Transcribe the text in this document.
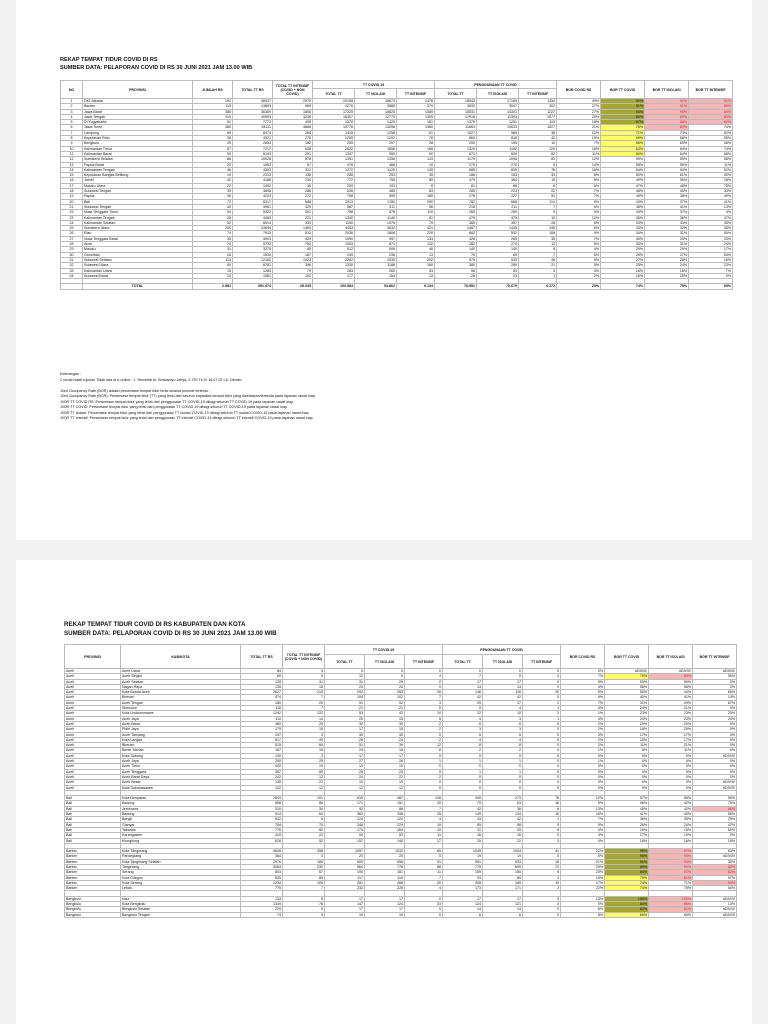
REKAP TEMPAT TIDUR COVID DI RS
SUMBER DATA: PELAPORAN COVID DI RS 30 JUNI 2021 JAM 13.00 WIB
NO	PROVINSI	JUMLAH RS	TOTAL TT RS	TOTAL TT INTENSIF (COVID + NON COVID)	TT COVID-19			PENGGUNAAN TT COVID			BOR COVID RS	BOR TT COVID	BOR TT ISOLASI	BOR TT INTENSIF
					TOTAL TT	TT ISOLASI	TT INTENSIF	TOTAL TT	TT ISOLASI	TT INTENSIF				
1	DKI Jakarta	192	36937	2575	20108	18673	1476	18543	17189	1354	49%	92%	92%	91%
2	Banten	119	13893	969	4278	3885	379	3833	3547	302	27%	91%	91%	85%
3	Jawa Barat	385	36369	1808	17225	15825	1380	15531	14303	1227	27%	90%	90%	89%
4	Jawa Tengah	319	40553	3238	16307	12773	1305	12918	11393	1077	25%	86%	89%	83%
5	DI Yogyakarta	91	7773	409	1579	1420	151	1375	1251	115	18%	87%	88%	82%
6	Jawa Timur	380	54111	4868	10776	13298	1380	11663	10633	1027	21%	75%	80%	74%
7	Lampung	80	8474	268	1415	1258	61	1027	989	38	12%	71%	73%	62%
8	Kepulauan Riau	36	4521	275	1265	1202	76	860	818	42	19%	69%	68%	55%
9	Bengkulu	25	2853	182	255	207	28	200	195	10	7%	66%	69%	36%
10	Kalimantan Timur	57	7217	638	2622	1856	166	1320	1182	120	18%	63%	64%	74%
11	Kalimantan Barat	53	6193	291	1347	950	90	671	609	62	11%	60%	64%	68%
12	Sumatera Selatan	86	10028	578	1391	1258	143	1179	1096	83	12%	59%	59%	58%
13	Papua Barat	20	1953	67	476	468	10	275	270	5	14%	58%	59%	11%
14	Kalimantan Tengah	46	4303	312	1270	1125	145	685	609	76	16%	54%	54%	52%
15	Kepulauan Bangka Belitung	19	2313	138	288	253	35	186	153	33	8%	50%	61%	40%
16	Jambi	42	4168	230	772	758	85	379	364	15	8%	49%	50%	18%
17	Maluku Utara	22	1492	36	209	193	8	81	88	6	6%	47%	46%	75%
18	Sulawesi Tengah	39	3698	288	535	485	83	285	223	22	7%	48%	45%	33%
19	Papua	45	4224	272	758	595	185	278	227	51	7%	45%	38%	49%
20	Bali	72	8317	588	2913	1780	290	782	668	114	9%	43%	37%	41%
21	Sulawesi Tengah	40	3961	329	567	511	56	218	211	7	6%	48%	41%	13%
22	Nusa Tenggara Timur	54	5322	301	788	678	110	265	250	5	5%	34%	37%	4%
23	Kalimantan Tengah	28	4083	221	1340	1140	81	479	470	10	12%	36%	36%	47%
24	Kalimantan Selatan	52	6514	330	1150	1076	79	385	357	28	6%	33%	33%	35%
25	Sumatera Utara	200	24694	1463	4453	4032	421	1487	1445	146	6%	33%	32%	35%
26	Riau	74	7915	512	2036	1806	220	682	552	108	9%	34%	31%	50%
27	Nusa Tenggara Barat	35	4903	329	1090	957	133	326	285	35	7%	30%	30%	33%
28	Aceh	70	5733	753	1053	871	132	282	270	12	5%	30%	31%	24%
29	Maluku	31	3275	85	512	506	46	140	140	8	4%	29%	29%	17%
30	Gorontalo	16	1534	167	249	236	13	76	69	7	5%	28%	27%	54%
31	Sulawesi Selatan	113	12162	1023	2262	1935	202	579	533	46	5%	27%	28%	16%
32	Sulawesi Utara	50	6781	396	1330	1186	160	380	289	21	5%	25%	24%	23%
33	Kalimantan Utara	15	1283	79	283	260	53	56	53	3	4%	16%	16%	7%
34	Sulawesi Barat	13	1061	163	177	164	13	28	23	1	2%	16%	15%	0%

	TOTAL	2.981	391.374	25.035	103.984	94.862	9.134	76.951	70.679	6.272	20%	74%	75%	69%
Keterangan :
2 rumah sakit rujukan Tidak ada di ri-online : 1. Rumkital dr. Soekantyo Jahya, 2. RS Tk.IV 18.07.02 I.A. Dimalo
-Bed Occupancy Rate (BOR) adalah persentase tempat tidur terisi selama periode tertentu.
-Bed Occupancy Rate (BOR): Persentase tempat tidur (TT) yang terisi dari seluruh kapasitas tempat tidur yang disediakan/tersedia pada layanan rawat inap.
-BOR TT COVID RS: Persentase tempat tidur yang terisi dari penggunaan TT COVID-19 dibagi seluruh TT COVID-19 pada layanan rawat inap
-BOR TT COVID: Persentase tempat tidur yang terisi dari penggunaan TT COVID-19 dibagi seluruh TT COVID-19 pada layanan rawat inap
-BOR TT Isolasi: Persentase tempat tidur yang terisi dari penggunaan TT Isolasi COVID-19 dibagi seluruh TT isolasi COVID-19 pada layanan rawat inap
-BOR TT Intensif: Persentase tempat tidur yang terisi dari penggunaan TT intensif COVID-19 dibagi seluruh TT intensif COVID-19 pada layanan rawat inap
REKAP TEMPAT TIDUR COVID DI RS KABUPATEN DAN KOTA
SUMBER DATA: PELAPORAN COVID DI RS 30 JUNI 2021 JAM 13.00 WIB
PROVINSI	KAB/KOTA	TOTAL TT RS	TOTAL TT INTENSIF (COVID + NON COVID)	TT COVID-19			PENGGUNAAN TT COVID			BOR COVID RS	BOR TT COVID	BOR TT ISOLASI	BOR TT INTENSIF
				TOTAL TT	TT ISOLASI	TT INTENSIF	TOTAL TT	TT ISOLASI	TT INTENSIF				
Aceh	Aceh Utara	84	3	0	0	0	0	0	0	0%	#DIV/0!	#DIV/0!	#DIV/0!
Aceh	Aceh Singkil	69	5	10	6	4	7	5	2	7%	70%	83%	50%
Aceh	Aceh Selatan	128	31	31	29	2	17	17	0	5%	55%	59%	0%
Aceh	Nagan Raya	135	16	24	24	0	14	14	0	4%	58%	58%	0%
Aceh	Kota Banda Aceh	2627	215	293	263	30	146	116	20	5%	50%	44%	66%
Aceh	Bireuen	474	7	104	102	7	42	42	0	4%	40%	41%	14%
Aceh	Aceh Tengah	180	20	91	92	3	29	27	2	7%	31%	29%	67%
Aceh	Simeulue	116	7	21	21	0	5	4	1	4%	24%	21%	0%
Aceh	Kota Lhokseumawe	1242	122	53	43	10	12	10	2	1%	23%	23%	20%
Aceh	Aceh Jaya	110	14	20	15	5	4	3	1	4%	20%	20%	20%
Aceh	Aceh Barat	460	29	32	30	2	6	6	0	2%	19%	20%	0%
Aceh	Pidie Jaya	175	15	17	15	2	3	3	0	2%	18%	20%	0%
Aceh	Aceh Tamiang	197	3	30	30	0	5	5	0	3%	17%	17%	0%
Aceh	Kota Langsa	517	49	26	24	2	4	4	0	2%	15%	17%	0%
Aceh	Bireuen	515	84	51	39	12	8	8	0	2%	11%	21%	0%
Aceh	Bener Meriah	187	16	24	18	6	2	2	0	1%	8%	11%	0%
Aceh	Kota Sabang	130	3	17	17	0	0	0	0	0%	0%	0%	#DIV/0!
Aceh	Aceh Jaya	200	25	27	26	1	1	1	0	1%	4%	4%	0%
Aceh	Aceh Timur	420	19	10	10	0	0	0	0	0%	0%	0%	0%
Aceh	Aceh Tenggara	357	80	25	20	5	1	1	0	0%	4%	5%	0%
Aceh	Aceh Barat Daya	242	12	24	22	2	0	0	0	0%	0%	0%	0%
Aceh	Aceh Besar	135	22	10	10	0	0	0	0	0%	0%	0%	#DIV/0!
Aceh	Kota Subulussalam	122	12	12	12	0	0	0	0	0%	0%	0%	#DIV/0!

Bali	Kota Denpasar	2843	101	615	487	128	349	273	76	12%	57%	56%	59%
Bali	Badung	898	86	171	151	20	79	63	16	9%	46%	42%	75%
Bali	Jembrana	310	30	93	86	7	42	36	6	13%	45%	42%	86%
Bali	Badung	914	64	363	338	25	149	134	15	16%	41%	40%	56%
Bali	Bangli	632	9	124	120	4	43	42	1	7%	36%	35%	25%
Bali	Gianyar	754	70	248	229	19	65	56	9	9%	26%	24%	47%
Bali	Tabanan	776	82	174	164	10	31	25	6	4%	18%	15%	60%
Bali	Karangasem	419	22	94	83	11	16	16	0	4%	17%	19%	0%
Bali	Klungkung	628	52	157	140	17	25	22	3	4%	16%	16%	18%

Banten	Kota Tangerang	4648	358	1097	1032	65	1045	1004	41	22%	95%	97%	63%
Banten	Pandeglang	364	3	20	20	0	19	19	0	5%	95%	95%	#DIV/0!
Banten	Kota Tangerang Selatan	2976	189	609	558	51	551	533	18	21%	91%	94%	35%
Banten	Tangerang	3063	230	964	778	88	775	699	72	25%	89%	90%	82%
Banten	Serang	803	67	190	181	11	159	150	9	20%	84%	83%	82%
Banten	Kota Cilegon	635	85	117	110	7	93	89	4	15%	79%	81%	57%
Banten	Kota Serang	1234	105	281	266	20	208	189	19	17%	74%	71%	95%
Banten	Lebak	775	7	232	228	4	173	171	2	22%	74%	75%	50%

Bengkulu	Kaur	134	6	17	17	0	17	17	0	13%	100%	100%	#DIV/0!
Bengkulu	Kota Bengkulu	1349	76	147	124	23	124	121	3	9%	84%	98%	13%
Bengkulu	Bengkulu Selatan	229	9	17	17	0	14	14	0	6%	82%	82%	#DIV/0!
Bengkulu	Bengkulu Tengah	74	0	10	10	0	6	6	0	8%	60%	60%	#DIV/0!
